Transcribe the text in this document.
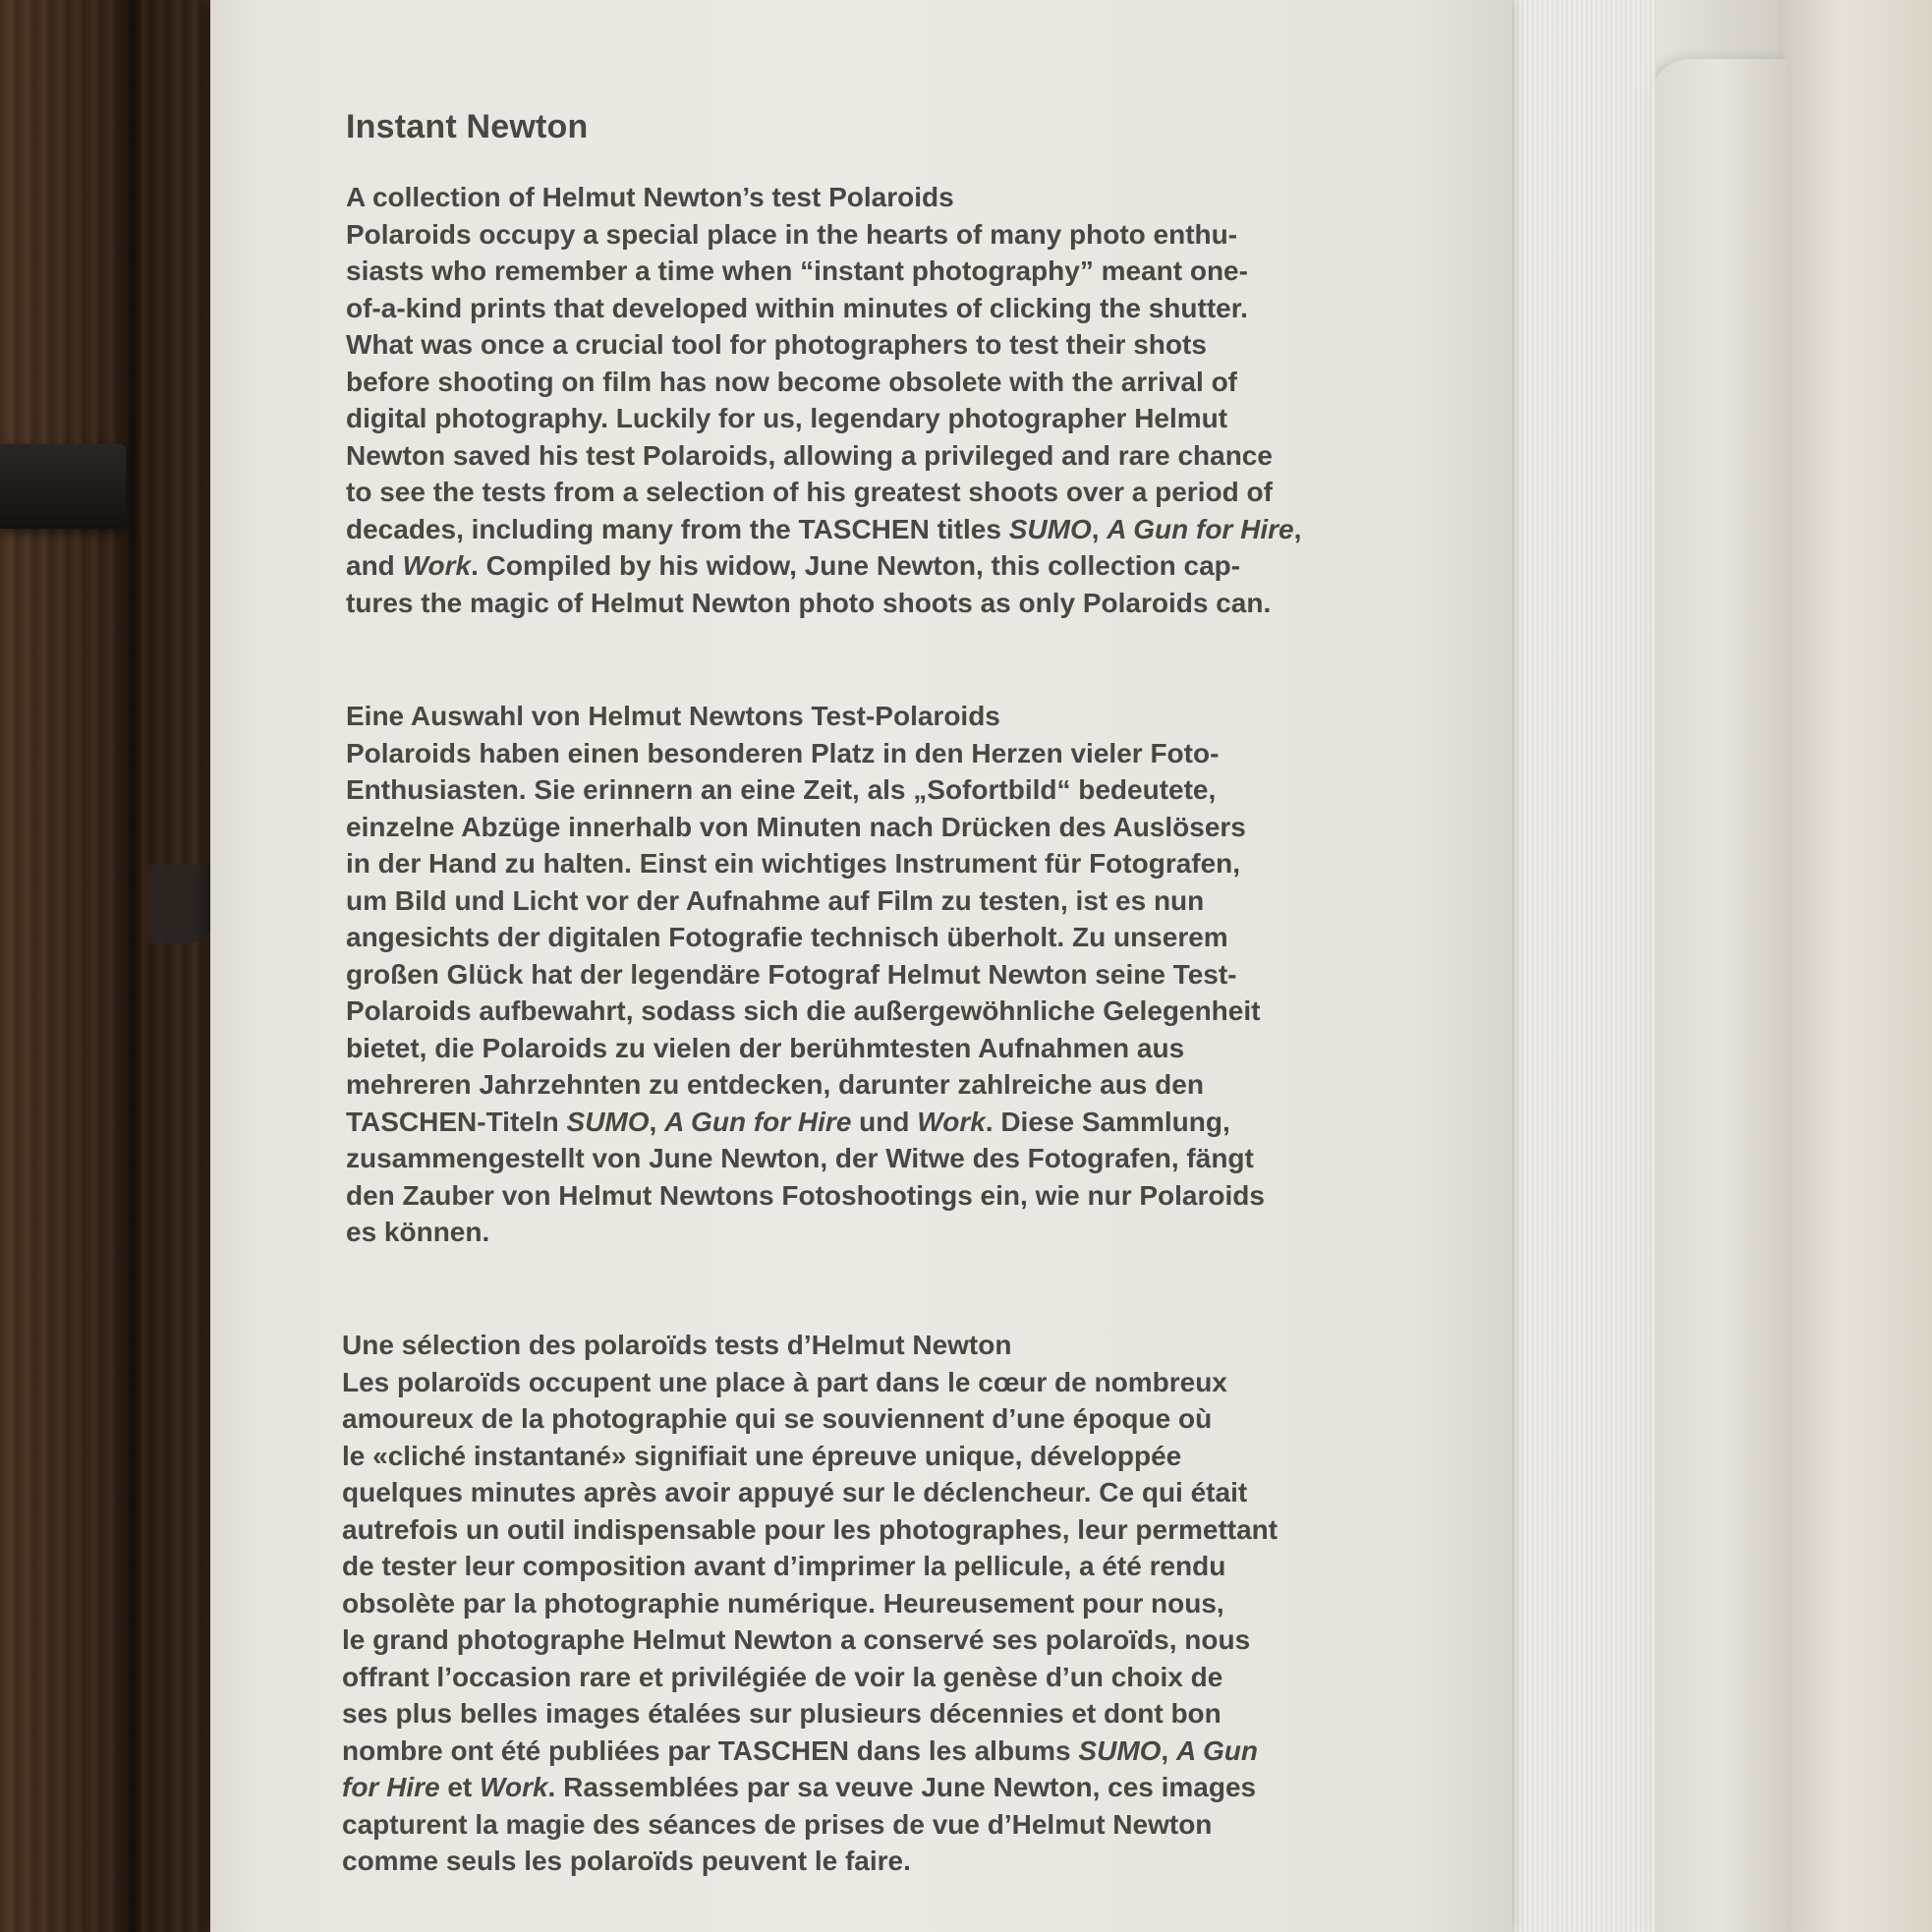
Instant Newton
A collection of Helmut Newton’s test Polaroids
Polaroids occupy a special place in the hearts of many photo enthu-
siasts who remember a time when “instant photography” meant one-
of-a-kind prints that developed within minutes of clicking the shutter.
What was once a crucial tool for photographers to test their shots
before shooting on film has now become obsolete with the arrival of
digital photography. Luckily for us, legendary photographer Helmut
Newton saved his test Polaroids, allowing a privileged and rare chance
to see the tests from a selection of his greatest shoots over a period of
decades, including many from the TASCHEN titles SUMO, A Gun for Hire,
and Work. Compiled by his widow, June Newton, this collection cap-
tures the magic of Helmut Newton photo shoots as only Polaroids can.
Eine Auswahl von Helmut Newtons Test-Polaroids
Polaroids haben einen besonderen Platz in den Herzen vieler Foto-
Enthusiasten. Sie erinnern an eine Zeit, als „Sofortbild“ bedeutete,
einzelne Abzüge innerhalb von Minuten nach Drücken des Auslösers
in der Hand zu halten. Einst ein wichtiges Instrument für Fotografen,
um Bild und Licht vor der Aufnahme auf Film zu testen, ist es nun
angesichts der digitalen Fotografie technisch überholt. Zu unserem
großen Glück hat der legendäre Fotograf Helmut Newton seine Test-
Polaroids aufbewahrt, sodass sich die außergewöhnliche Gelegenheit
bietet, die Polaroids zu vielen der berühmtesten Aufnahmen aus
mehreren Jahrzehnten zu entdecken, darunter zahlreiche aus den
TASCHEN-Titeln SUMO, A Gun for Hire und Work. Diese Sammlung,
zusammengestellt von June Newton, der Witwe des Fotografen, fängt
den Zauber von Helmut Newtons Fotoshootings ein, wie nur Polaroids
es können.
Une sélection des polaroïds tests d’Helmut Newton
Les polaroïds occupent une place à part dans le cœur de nombreux
amoureux de la photographie qui se souviennent d’une époque où
le «cliché instantané» signifiait une épreuve unique, développée
quelques minutes après avoir appuyé sur le déclencheur. Ce qui était
autrefois un outil indispensable pour les photographes, leur permettant
de tester leur composition avant d’imprimer la pellicule, a été rendu
obsolète par la photographie numérique. Heureusement pour nous,
le grand photographe Helmut Newton a conservé ses polaroïds, nous
offrant l’occasion rare et privilégiée de voir la genèse d’un choix de
ses plus belles images étalées sur plusieurs décennies et dont bon
nombre ont été publiées par TASCHEN dans les albums SUMO, A Gun
for Hire et Work. Rassemblées par sa veuve June Newton, ces images
capturent la magie des séances de prises de vue d’Helmut Newton
comme seuls les polaroïds peuvent le faire.
